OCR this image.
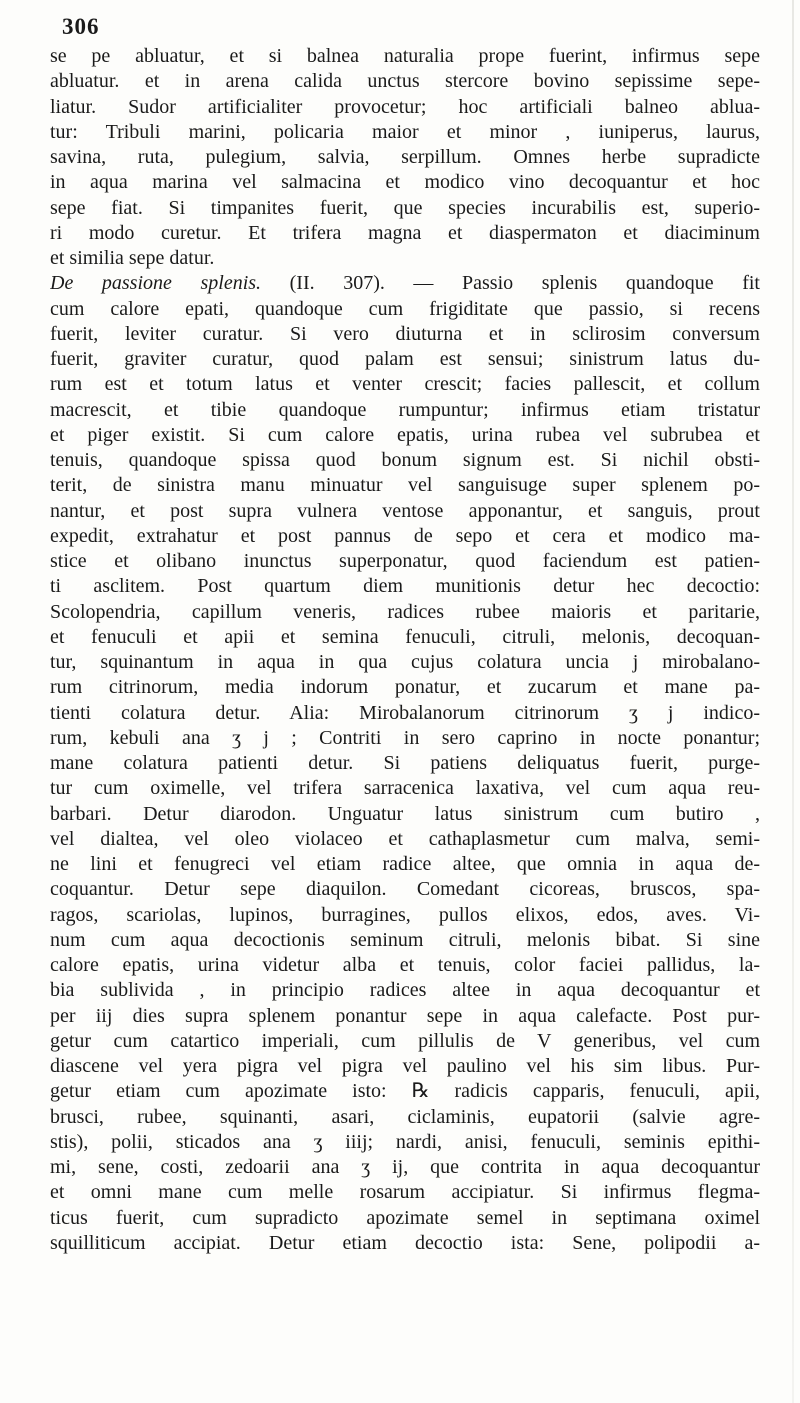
306
se pe abluatur, et si balnea naturalia prope fuerint, infirmus sepe
abluatur. et in arena calida unctus stercore bovino sepissime sepe-
liatur. Sudor artificialiter provocetur; hoc artificiali balneo ablua-
tur: Tribuli marini, policaria maior et minor , iuniperus, laurus,
savina, ruta, pulegium, salvia, serpillum. Omnes herbe supradicte
in aqua marina vel salmacina et modico vino decoquantur et hoc
sepe fiat. Si timpanites fuerit, que species incurabilis est, superio-
ri modo curetur. Et trifera magna et diaspermaton et diaciminum
et similia sepe datur.
De passione splenis. (II. 307). — Passio splenis quandoque fit
cum calore epati, quandoque cum frigiditate que passio, si recens
fuerit, leviter curatur. Si vero diuturna et in sclirosim conversum
fuerit, graviter curatur, quod palam est sensui; sinistrum latus du-
rum est et totum latus et venter crescit; facies pallescit, et collum
macrescit, et tibie quandoque rumpuntur; infirmus etiam tristatur
et piger existit. Si cum calore epatis, urina rubea vel subrubea et
tenuis, quandoque spissa quod bonum signum est. Si nichil obsti-
terit, de sinistra manu minuatur vel sanguisuge super splenem po-
nantur, et post supra vulnera ventose apponantur, et sanguis, prout
expedit, extrahatur et post pannus de sepo et cera et modico ma-
stice et olibano inunctus superponatur, quod faciendum est patien-
ti asclitem. Post quartum diem munitionis detur hec decoctio:
Scolopendria, capillum veneris, radices rubee maioris et paritarie,
et fenuculi et apii et semina fenuculi, citruli, melonis, decoquan-
tur, squinantum in aqua in qua cujus colatura uncia j mirobalano-
rum citrinorum, media indorum ponatur, et zucarum et mane pa-
tienti colatura detur. Alia: Mirobalanorum citrinorum ʒ j indico-
rum, kebuli ana ʒ j ; Contriti in sero caprino in nocte ponantur;
mane colatura patienti detur. Si patiens deliquatus fuerit, purge-
tur cum oximelle, vel trifera sarracenica laxativa, vel cum aqua reu-
barbari. Detur diarodon. Unguatur latus sinistrum cum butiro ,
vel dialtea, vel oleo violaceo et cathaplasmetur cum malva, semi-
ne lini et fenugreci vel etiam radice altee, que omnia in aqua de-
coquantur. Detur sepe diaquilon. Comedant cicoreas, bruscos, spa-
ragos, scariolas, lupinos, burragines, pullos elixos, edos, aves. Vi-
num cum aqua decoctionis seminum citruli, melonis bibat. Si sine
calore epatis, urina videtur alba et tenuis, color faciei pallidus, la-
bia sublivida , in principio radices altee in aqua decoquantur et
per iij dies supra splenem ponantur sepe in aqua calefacte. Post pur-
getur cum catartico imperiali, cum pillulis de V generibus, vel cum
diascene vel yera pigra vel pigra vel paulino vel his sim libus. Pur-
getur etiam cum apozimate isto: ℞ radicis capparis, fenuculi, apii,
brusci, rubee, squinanti, asari, ciclaminis, eupatorii (salvie agre-
stis), polii, sticados ana ʒ iiij; nardi, anisi, fenuculi, seminis epithi-
mi, sene, costi, zedoarii ana ʒ ij, que contrita in aqua decoquantur
et omni mane cum melle rosarum accipiatur. Si infirmus flegma-
ticus fuerit, cum supradicto apozimate semel in septimana oximel
squilliticum accipiat. Detur etiam decoctio ista: Sene, polipodii a-
